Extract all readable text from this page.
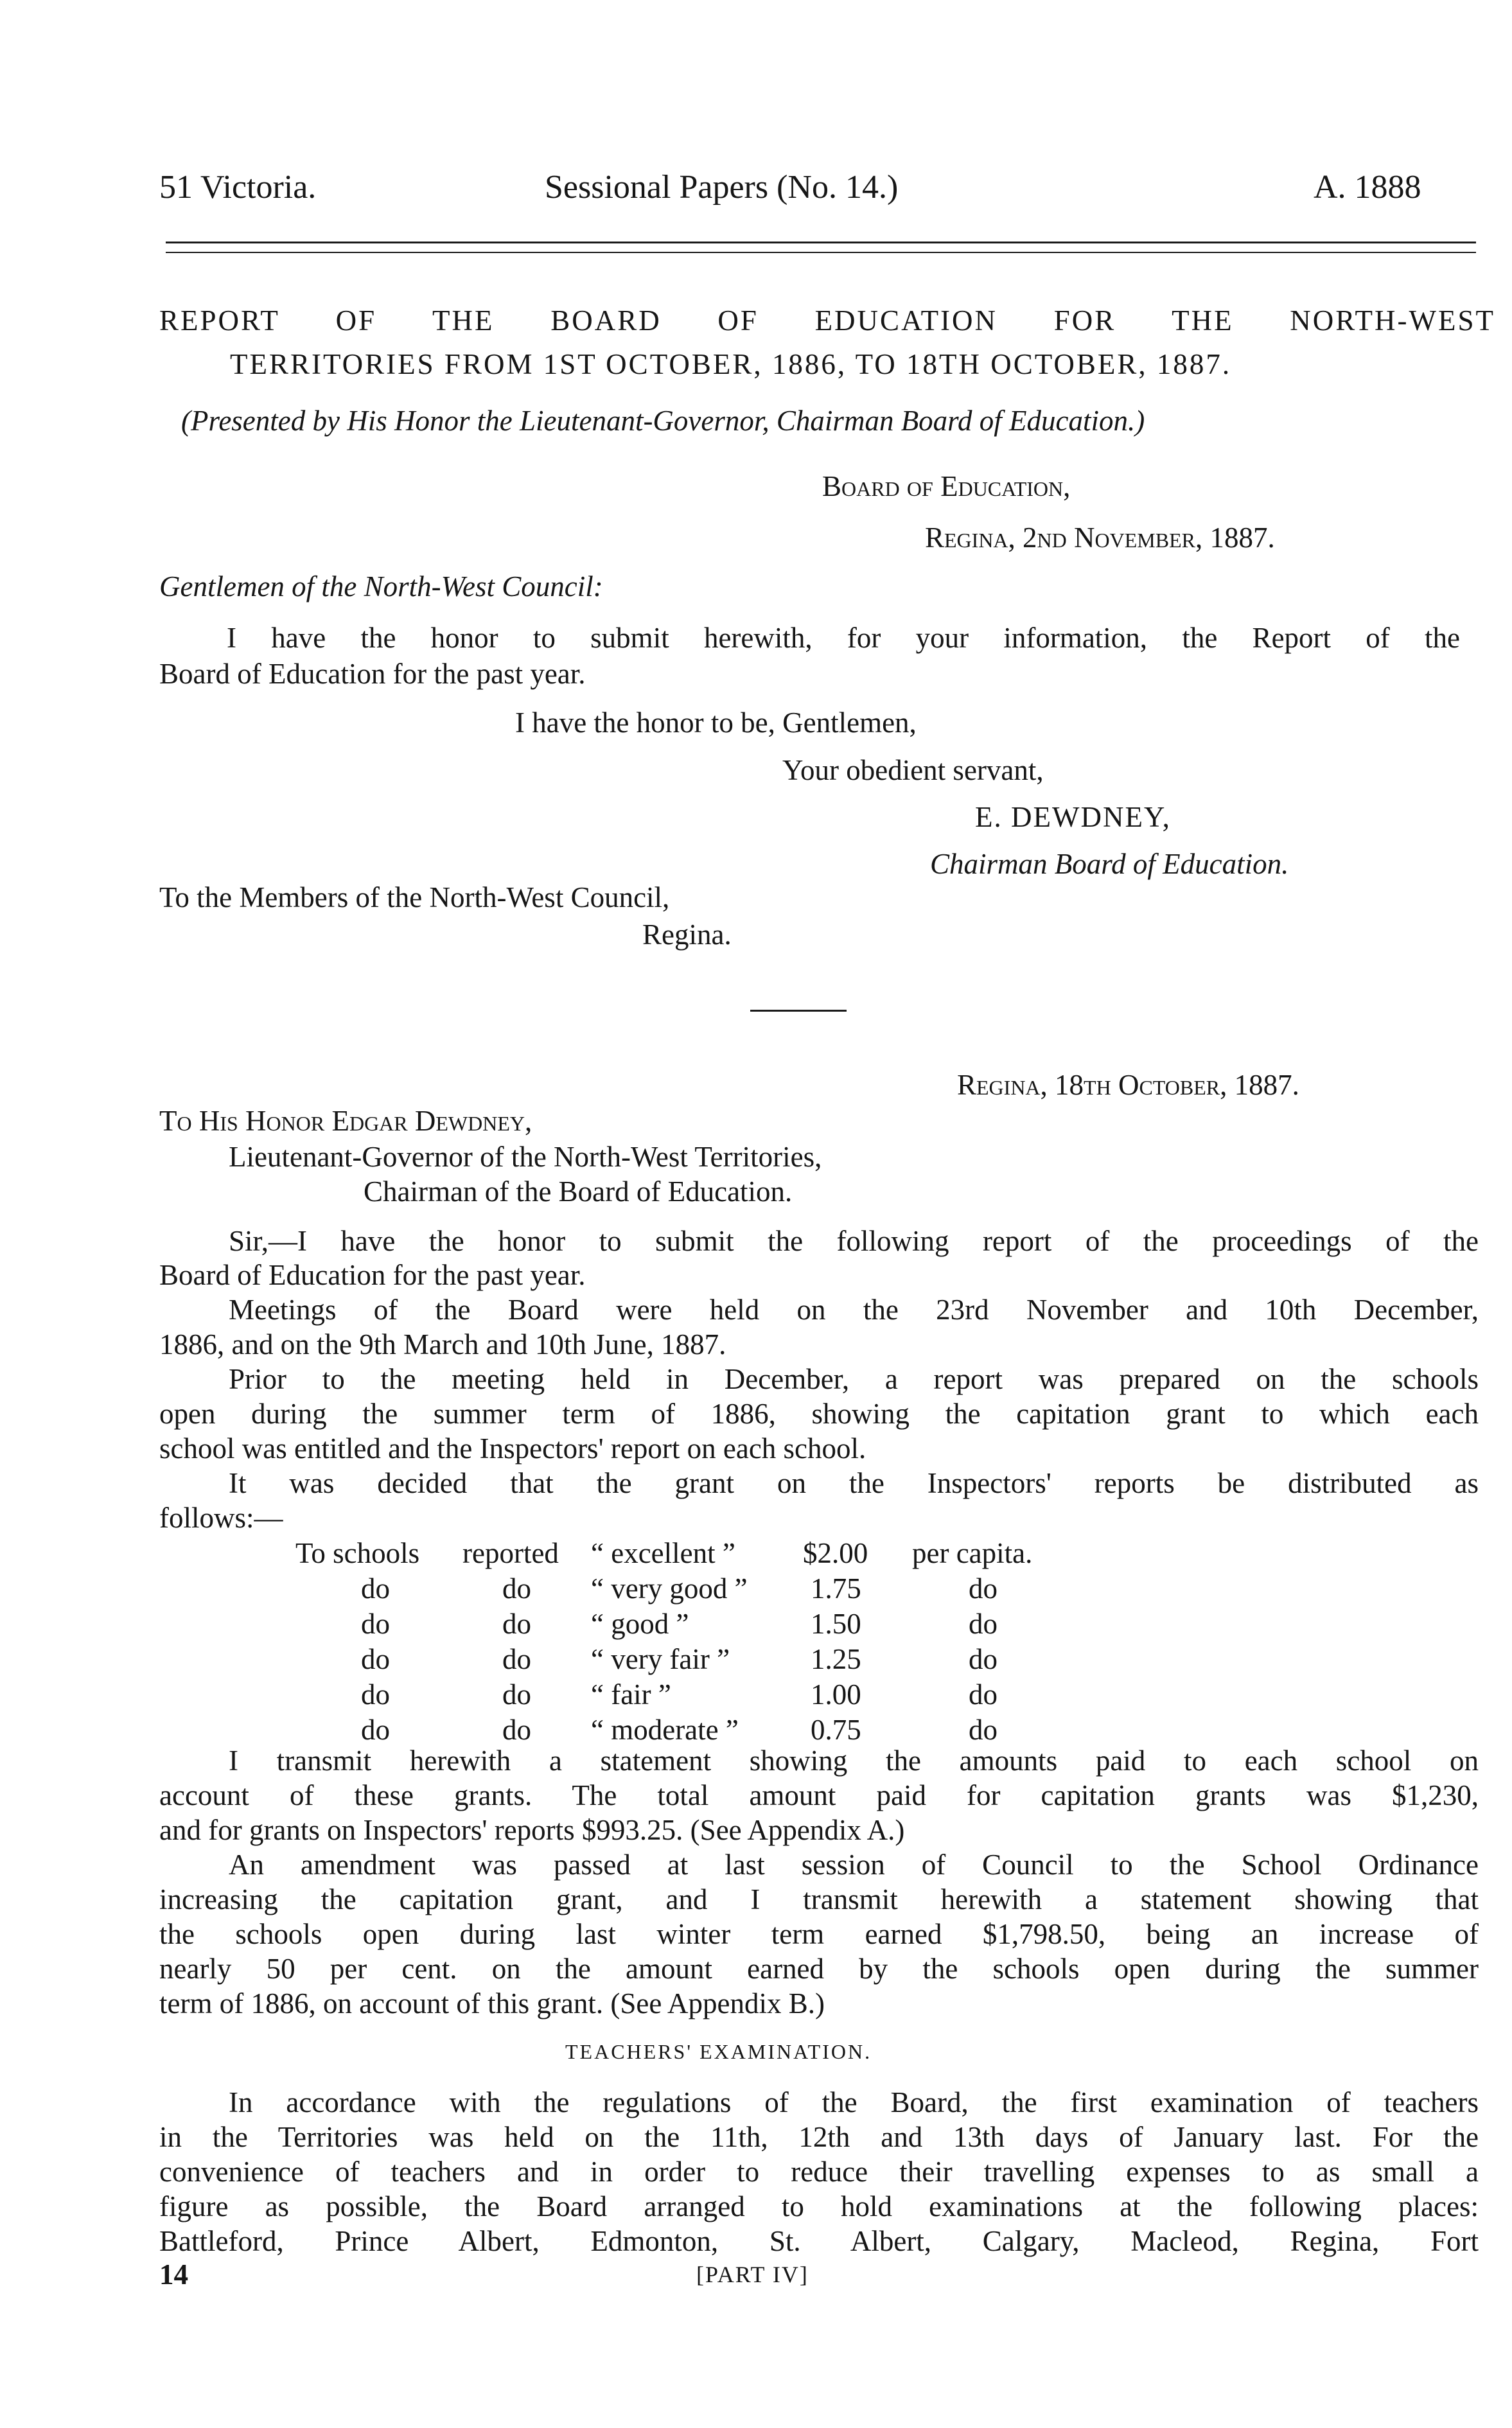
51 Victoria.	Sessional Papers (No. 14.)	A. 1888
REPORT OF THE BOARD OF EDUCATION FOR THE NORTH-WEST
TERRITORIES FROM 1ST OCTOBER, 1886, TO 18TH OCTOBER, 1887.
(Presented by His Honor the Lieutenant-Governor, Chairman Board of Education.)
Board of Education,
Regina, 2nd November, 1887.
Gentlemen of the North-West Council:
I have the honor to submit herewith, for your information, the Report of the
Board of Education for the past year.
I have the honor to be, Gentlemen,
Your obedient servant,
E. DEWDNEY,
Chairman Board of Education.
To the Members of the North-West Council,
Regina.
Regina, 18th October, 1887.
To His Honor Edgar Dewdney,
Lieutenant-Governor of the North-West Territories,
Chairman of the Board of Education.
Sir,—I have the honor to submit the following report of the proceedings of the
Board of Education for the past year.
Meetings of the Board were held on the 23rd November and 10th December,
1886, and on the 9th March and 10th June, 1887.
Prior to the meeting held in December, a report was prepared on the schools
open during the summer term of 1886, showing the capitation grant to which each
school was entitled and the Inspectors' report on each school.
It was decided that the grant on the Inspectors' reports be distributed as
follows:—
To schools reported “ excellent ” $2.00 per capita.
do	do “ very good ” 1.75	do
do	do “ good ”	1.50	do
do	do “ very fair ”	1.25	do
do	do “ fair ”	1.00	do
do	do “ moderate ” 0.75	do
I transmit herewith a statement showing the amounts paid to each school on
account of these grants. The total amount paid for capitation grants was $1,230,
and for grants on Inspectors' reports $993.25. (See Appendix A.)
An amendment was passed at last session of Council to the School Ordinance
increasing the capitation grant, and I transmit herewith a statement showing that
the schools open during last winter term earned $1,798.50, being an increase of
nearly 50 per cent. on the amount earned by the schools open during the summer
term of 1886, on account of this grant. (See Appendix B.)
TEACHERS' EXAMINATION.
In accordance with the regulations of the Board, the first examination of teachers
in the Territories was held on the 11th, 12th and 13th days of January last. For the
convenience of teachers and in order to reduce their travelling expenses to as small a
figure as possible, the Board arranged to hold examinations at the following places:
Battleford, Prince Albert, Edmonton, St. Albert, Calgary, Macleod, Regina, Fort
14	[PART IV]
